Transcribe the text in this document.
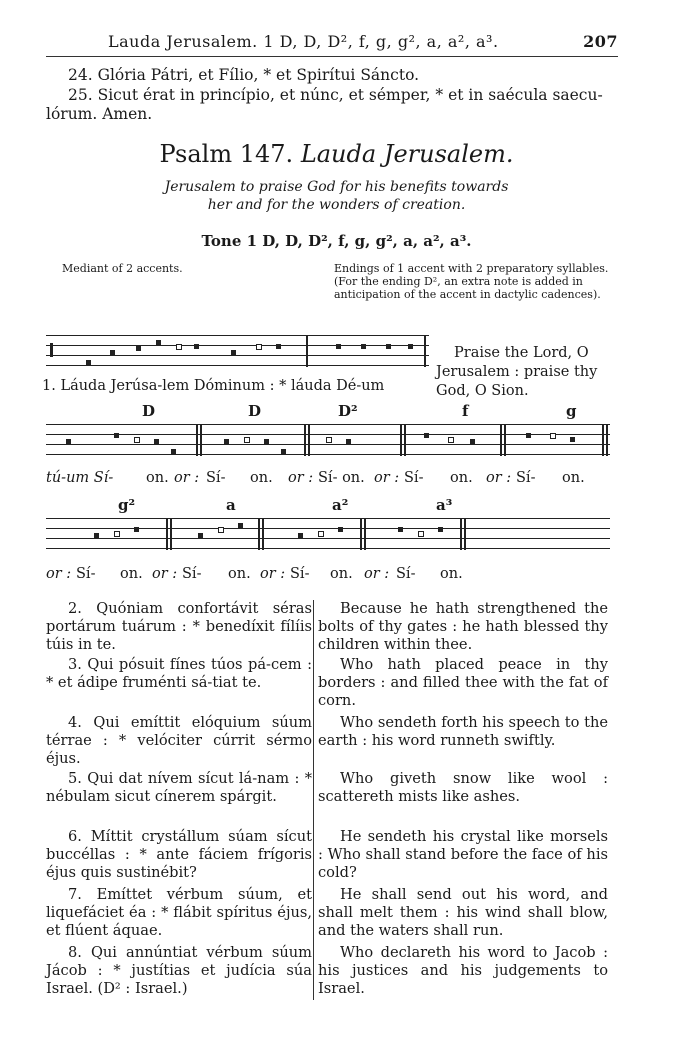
Lauda Jerusalem. 1 D, D, D², f, g, g², a, a², a³.	207
24. Glória Pátri, et Fílio, * et Spirítui Sáncto.
25. Sicut érat in princípio, et núnc, et sémper, * et in saécula saecu-
lórum. Amen.
Psalm 147. Lauda Jerusalem.
Jerusalem to praise God for his benefits towards
her and for the wonders of creation.
Tone 1 D, D, D², f, g, g², a, a², a³.
Mediant of 2 accents.	Endings of 1 accent with 2 preparatory syllables. (For the ending D², an extra note is added in anticipation of the accent in dactylic cadences).
Praise the Lord, O Jerusalem : praise thy God, O Sion.
1. Láuda Jerúsa-lem Dóminum : * láuda Dé-um
D	D	D²	f	g
tú-um Sí- on. or : Sí- on. or : Sí- on. or : Sí- on. or : Sí- on.
g²	a	a²	a³
or : Sí- on. or : Sí- on. or : Sí- on. or : Sí- on.
2. Quóniam confortávit séras portárum tuárum : * benedíxit fílíis túis in te.
Because he hath strengthened the bolts of thy gates : he hath blessed thy children within thee.
3. Qui pósuit fínes túos pá-cem : * et ádipe fruménti sá-tiat te.
Who hath placed peace in thy borders : and filled thee with the fat of corn.
4. Qui emíttit elóquium súum térrae : * velóciter cúrrit sérmo éjus.
Who sendeth forth his speech to the earth : his word runneth swiftly.
5. Qui dat nívem sícut lá-nam : * nébulam sicut cínerem spárgit.
Who giveth snow like wool : scattereth mists like ashes.
6. Míttit crystállum súam sícut buccéllas : * ante fáciem frígoris éjus quis sustinébit?
He sendeth his crystal like morsels : Who shall stand before the face of his cold?
7. Emíttet vérbum súum, et liquefáciet éa : * flábit spíritus éjus, et flúent áquae.
He shall send out his word, and shall melt them : his wind shall blow, and the waters shall run.
8. Qui annúntiat vérbum súum Jácob : * justítias et judícia súa Israel. (D² : Israel.)
Who declareth his word to Jacob : his justices and his judgements to Israel.
